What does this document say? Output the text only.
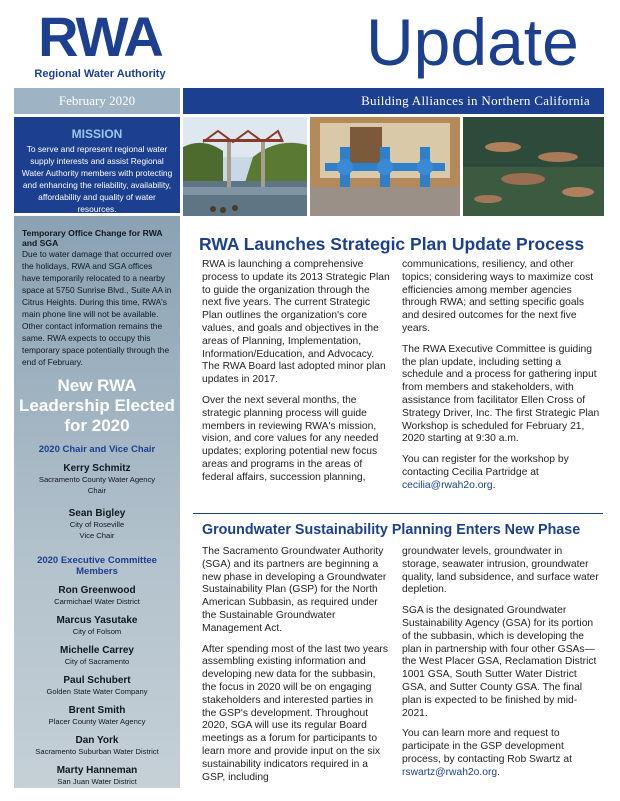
RWA
Regional Water Authority	Update
February 2020	Building Alliances in Northern California
MISSION
To serve and represent regional water supply interests and assist Regional Water Authority members with protecting and enhancing the reliability, availability, affordability and quality of water resources.
Temporary Office Change for RWA and SGA
Due to water damage that occurred over the holidays, RWA and SGA offices have temporarily relocated to a nearby space at 5750 Sunrise Blvd., Suite AA in Citrus Heights. During this time, RWA's main phone line will not be available. Other contact information remains the same. RWA expects to occupy this temporary space potentially through the end of February.
New RWA Leadership Elected for 2020
2020 Chair and Vice Chair
Kerry Schmitz
Sacramento County Water Agency
Chair
Sean Bigley
City of Roseville
Vice Chair
2020 Executive Committee Members
Ron Greenwood
Carmichael Water District
Marcus Yasutake
City of Folsom
Michelle Carrey
City of Sacramento
Paul Schubert
Golden State Water Company
Brent Smith
Placer County Water Agency
Dan York
Sacramento Suburban Water District
Marty Hanneman
San Juan Water District
RWA Launches Strategic Plan Update Process

RWA is launching a comprehensive process to update its 2013 Strategic Plan to guide the organization through the next five years. The current Strategic Plan outlines the organization's core values, and goals and objectives in the areas of Planning, Implementation, Information/Education, and Advocacy. The RWA Board last adopted minor plan updates in 2017.

Over the next several months, the strategic planning process will guide members in reviewing RWA's mission, vision, and core values for any needed updates; exploring potential new focus areas and programs in the areas of federal affairs, succession planning,

communications, resiliency, and other topics; considering ways to maximize cost efficiencies among member agencies through RWA; and setting specific goals and desired outcomes for the next five years.

The RWA Executive Committee is guiding the plan update, including setting a schedule and a process for gathering input from members and stakeholders, with assistance from facilitator Ellen Cross of Strategy Driver, Inc. The first Strategic Plan Workshop is scheduled for February 21, 2020 starting at 9:30 a.m.

You can register for the workshop by contacting Cecilia Partridge at cecilia@rwah2o.org.

Groundwater Sustainability Planning Enters New Phase

The Sacramento Groundwater Authority (SGA) and its partners are beginning a new phase in developing a Groundwater Sustainability Plan (GSP) for the North American Subbasin, as required under the Sustainable Groundwater Management Act.

After spending most of the last two years assembling existing information and developing new data for the subbasin, the focus in 2020 will be on engaging stakeholders and interested parties in the GSP's development. Throughout 2020, SGA will use its regular Board meetings as a forum for participants to learn more and provide input on the six sustainability indicators required in a GSP, including

groundwater levels, groundwater in storage, seawater intrusion, groundwater quality, land subsidence, and surface water depletion.

SGA is the designated Groundwater Sustainability Agency (GSA) for its portion of the subbasin, which is developing the plan in partnership with four other GSAs—the West Placer GSA, Reclamation District 1001 GSA, South Sutter Water District GSA, and Sutter County GSA. The final plan is expected to be finished by mid-2021.

You can learn more and request to participate in the GSP development process, by contacting Rob Swartz at rswartz@rwah2o.org.
